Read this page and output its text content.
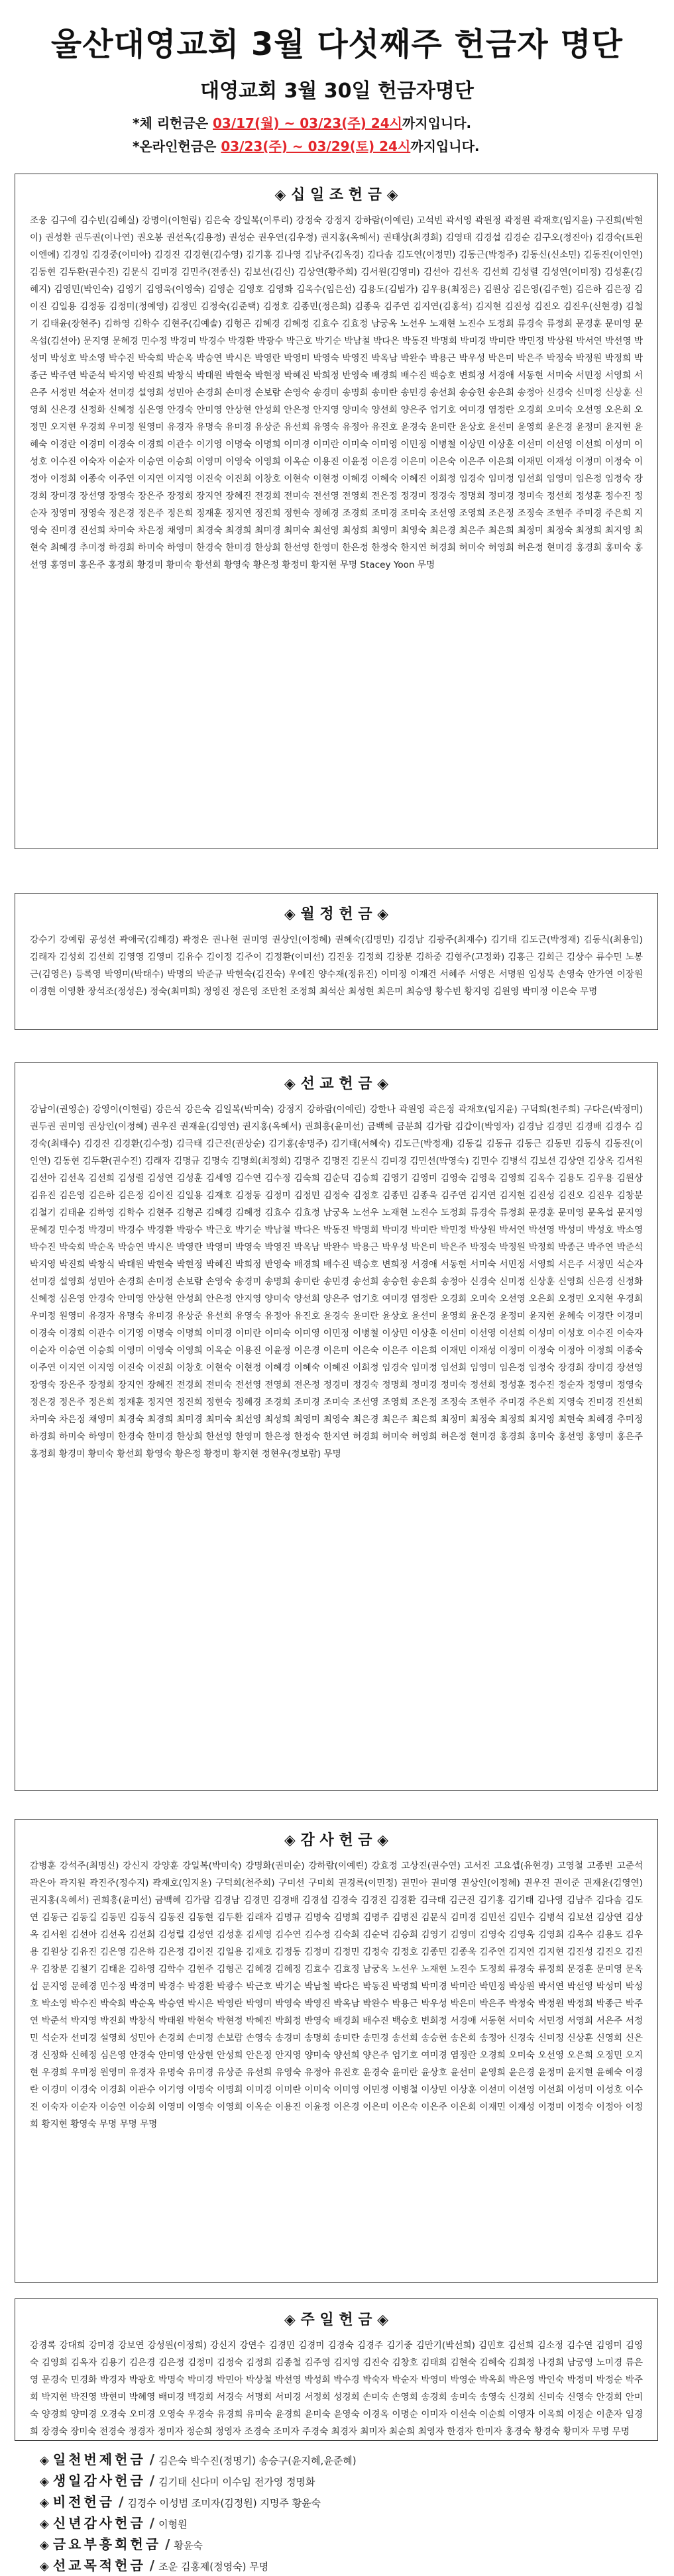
울산대영교회 3월 다섯째주 헌금자 명단
대영교회 3월 30일 헌금자명단
*체 리헌금은 03/17(월) ~ 03/23(주) 24시까지입니다.
*온라인헌금은 03/23(주) ~ 03/29(토) 24시까지입니다.
◈ 십 일 조 헌 금 ◈
조웅 김구예 김수빈(김혜실) 강명이(이현림) 김은숙 강일복(이루리) 강정숙 강정지 강하람(이예린) 고석빈 곽서영 곽원정 곽정원 곽재호(임지윤) 구진희(박현이) 권성환 권두권(이나연) 권오봉 권선옥(김용정) 권성순 권우연(김우정) 권지홍(옥혜서) 권태상(최경희) 김영태 김경섭 김경순 김구오(정진아) 김경숙(트윈이엔에) 김경임 김경중(이미아) 김경진 김경현(김수영) 김기홍 김나영 김남주(김옥경) 김다솜 김도연(이정민) 김동근(박정주) 김동신(신소민) 김동진(이인연) 김동현 김두환(권수진) 김문식 김미경 김민주(전종신) 김보선(김신) 김상연(황주희) 김서원(김영미) 김선아 김선옥 김선희 김성렬 김성연(이미정) 김성훈(김혜지) 김영민(박인숙) 김영기 김영욱(이영숙) 김영순 김영호 김영화 김옥수(임은선) 김용도(김범가) 김우용(최정은) 김원상 김은영(김주현) 김은하 김은정 김이진 김일용 김정동 김정미(정예영) 김정민 김정숙(김준택) 김정호 김종민(정은희) 김종욱 김주연 김지연(김홍석) 김지현 김진성 김진오 김진우(신현경) 김철기 김태윤(장현주) 김하영 김학수 김현주(김예솔) 김형곤 김혜경 김혜정 김효수 김효정 남궁옥 노선우 노재현 노진수 도정희 류경숙 류정희 문경훈 문미영 문옥섭(김선아) 문지영 문혜경 민수정 박경미 박경수 박경환 박광수 박근호 박기순 박남철 박다은 박동진 박명희 박미경 박미란 박민정 박상원 박서연 박선영 박성미 박성호 박소영 박수진 박숙희 박순옥 박승연 박시은 박영란 박영미 박영숙 박영진 박옥남 박완수 박용근 박우성 박은미 박은주 박정숙 박정원 박정희 박종근 박주연 박준석 박지영 박진희 박창식 박태원 박현숙 박현정 박혜진 박희정 반영숙 배경희 배수진 백승호 변희정 서경애 서동현 서미숙 서민정 서영희 서은주 서정민 석순자 선미경 설영희 성민아 손경희 손미정 손보람 손영숙 송경미 송명희 송미란 송민경 송선희 송승헌 송은희 송정아 신경숙 신미정 신상훈 신영희 신은경 신정화 신혜정 심은영 안경숙 안미영 안상현 안성희 안은정 안지영 양미숙 양선희 양은주 엄기호 여미경 염정란 오경희 오미숙 오선영 오은희 오정민 오지현 우경희 우미정 원영미 유경자 유명숙 유미경 유상준 유선희 유영숙 유정아 유진호 윤경숙 윤미란 윤상호 윤선미 윤영희 윤은경 윤정미 윤지현 윤혜숙 이경란 이경미 이경숙 이경희 이관수 이기영 이명숙 이명희 이미경 이미란 이미숙 이미영 이민정 이병철 이상민 이상훈 이선미 이선영 이선희 이성미 이성호 이수진 이숙자 이순자 이승연 이승희 이영미 이영숙 이영희 이옥순 이용진 이윤정 이은경 이은미 이은숙 이은주 이은희 이재민 이재성 이정미 이정숙 이정아 이정희 이종숙 이주연 이지연 이지영 이진숙 이진희 이창호 이현숙 이현정 이혜경 이혜숙 이혜진 이희정 임경숙 임미정 임선희 임영미 임은정 임정숙 장경희 장미경 장선영 장영숙 장은주 장정희 장지연 장혜진 전경희 전미숙 전선영 전영희 전은정 정경미 정경숙 정명희 정미경 정미숙 정선희 정성훈 정수진 정순자 정영미 정영숙 정은경 정은주 정은희 정재훈 정지연 정진희 정현숙 정혜경 조경희 조미경 조미숙 조선영 조영희 조은정 조정숙 조현주 주미경 주은희 지영숙 진미경 진선희 차미숙 차은정 채영미 최경숙 최경희 최미경 최미숙 최선영 최성희 최영미 최영숙 최은경 최은주 최은희 최정미 최정숙 최정희 최지영 최현숙 최혜경 추미정 하경희 하미숙 하영미 한경숙 한미경 한상희 한선영 한영미 한은정 한정숙 한지연 허경희 허미숙 허영희 허은정 현미경 홍경희 홍미숙 홍선영 홍영미 홍은주 홍정희 황경미 황미숙 황선희 황영숙 황은정 황정미 황지현 무명 Stacey Yoon 무명
◈ 월 정 헌 금 ◈
강수기 강예림 공성선 곽애국(김해경) 곽정은 권나현 권미영 권상인(이정혜) 권혜숙(김명민) 김경남 김광주(최재수) 김기태 김도근(박정재) 김동식(최용임) 김래자 김성희 김선희 김영영 김영미 김유수 김이정 김주이 김정환(이미선) 김진웅 김정희 김창분 김하중 김형주(고정화) 김홍근 김희근 김상수 류수민 노봉근(김영은) 등록영 박영미(박태수) 박명의 박준규 박현숙(김진숙) 우예진 양수재(정유진) 이미정 이재건 서혜주 서영은 서명원 임성묵 손영숙 안가연 이장원 이경현 이영환 장석조(정성은) 정숙(최미희) 정영진 정은영 조만천 조정희 최석산 최성현 최은미 최승영 황수빈 황지영 김원영 박미정 이은숙 무명
◈ 선 교 헌 금 ◈
강남이(권영순) 강영이(이현림) 강은석 강은숙 김일복(박미숙) 강정지 강하람(이예린) 강한나 곽원영 곽은정 곽재호(임지윤) 구덕희(천주희) 구다은(박정미) 권두권 권미영 권상인(이정혜) 권우진 권재윤(김영연) 권지홍(옥혜서) 권희흥(윤미선) 금백혜 금분희 김가람 김갑이(박영자) 김경남 김경민 김경배 김경수 김경숙(최태수) 김경진 김경환(김수정) 김극태 김근진(권상순) 김기홍(송명주) 김기태(서혜숙) 김도근(박정재) 김동길 김동규 김동근 김동민 김동식 김동진(이인연) 김동현 김두환(권수진) 김래자 김명규 김명숙 김명희(최정희) 김명주 김명진 김문식 김미경 김민선(박영숙) 김민수 김병석 김보선 김상연 김상옥 김서원 김선아 김선옥 김선희 김성렬 김성연 김성훈 김세영 김수연 김수정 김숙희 김순덕 김승희 김영기 김영미 김영숙 김영욱 김영희 김옥수 김용도 김우용 김원상 김유진 김은영 김은하 김은정 김이진 김일용 김재호 김정동 김정미 김정민 김정숙 김정호 김종민 김종욱 김주연 김지연 김지현 김진성 김진오 김진우 김창분 김철기 김태윤 김하영 김학수 김현주 김형곤 김혜경 김혜정 김효수 김효정 남궁옥 노선우 노재현 노진수 도정희 류경숙 류정희 문경훈 문미영 문옥섭 문지영 문혜경 민수정 박경미 박경수 박경환 박광수 박근호 박기순 박남철 박다은 박동진 박명희 박미경 박미란 박민정 박상원 박서연 박선영 박성미 박성호 박소영 박수진 박숙희 박순옥 박승연 박시은 박영란 박영미 박영숙 박영진 박옥남 박완수 박용근 박우성 박은미 박은주 박정숙 박정원 박정희 박종근 박주연 박준석 박지영 박진희 박창식 박태원 박현숙 박현정 박혜진 박희정 반영숙 배경희 배수진 백승호 변희정 서경애 서동현 서미숙 서민정 서영희 서은주 서정민 석순자 선미경 설영희 성민아 손경희 손미정 손보람 손영숙 송경미 송명희 송미란 송민경 송선희 송승헌 송은희 송정아 신경숙 신미정 신상훈 신영희 신은경 신정화 신혜정 심은영 안경숙 안미영 안상현 안성희 안은정 안지영 양미숙 양선희 양은주 엄기호 여미경 염정란 오경희 오미숙 오선영 오은희 오정민 오지현 우경희 우미정 원영미 유경자 유명숙 유미경 유상준 유선희 유영숙 유정아 유진호 윤경숙 윤미란 윤상호 윤선미 윤영희 윤은경 윤정미 윤지현 윤혜숙 이경란 이경미 이경숙 이경희 이관수 이기영 이명숙 이명희 이미경 이미란 이미숙 이미영 이민정 이병철 이상민 이상훈 이선미 이선영 이선희 이성미 이성호 이수진 이숙자 이순자 이승연 이승희 이영미 이영숙 이영희 이옥순 이용진 이윤정 이은경 이은미 이은숙 이은주 이은희 이재민 이재성 이정미 이정숙 이정아 이정희 이종숙 이주연 이지연 이지영 이진숙 이진희 이창호 이현숙 이현정 이혜경 이혜숙 이혜진 이희정 임경숙 임미정 임선희 임영미 임은정 임정숙 장경희 장미경 장선영 장영숙 장은주 장정희 장지연 장혜진 전경희 전미숙 전선영 전영희 전은정 정경미 정경숙 정명희 정미경 정미숙 정선희 정성훈 정수진 정순자 정영미 정영숙 정은경 정은주 정은희 정재훈 정지연 정진희 정현숙 정혜경 조경희 조미경 조미숙 조선영 조영희 조은정 조정숙 조현주 주미경 주은희 지영숙 진미경 진선희 차미숙 차은정 채영미 최경숙 최경희 최미경 최미숙 최선영 최성희 최영미 최영숙 최은경 최은주 최은희 최정미 최정숙 최정희 최지영 최현숙 최혜경 추미정 하경희 하미숙 하영미 한경숙 한미경 한상희 한선영 한영미 한은정 한정숙 한지연 허경희 허미숙 허영희 허은정 현미경 홍경희 홍미숙 홍선영 홍영미 홍은주 홍정희 황경미 황미숙 황선희 황영숙 황은정 황정미 황지현 정현우(정보람) 무명
◈ 감 사 헌 금 ◈
감병훈 강석주(최명신) 강신지 강양훈 강일복(박미숙) 강명화(권미순) 강하람(이예린) 강효정 고상진(권수연) 고서진 고요셉(유현경) 고영철 고종빈 고준석 곽은아 곽지원 곽진주(정수지) 곽재호(임지윤) 구덕희(천주희) 구미선 구미희 권경록(이민정) 권민아 권미영 권상인(이정혜) 권우진 권이준 권재윤(김영연) 권지홍(옥혜서) 권희흥(윤미선) 금백혜 김가람 김경남 김경민 김경배 김경섭 김경숙 김경진 김경환 김극태 김근진 김기홍 김기태 김나영 김남주 김다솜 김도연 김동근 김동길 김동민 김동식 김동진 김동현 김두환 김래자 김명규 김명숙 김명희 김명주 김명진 김문식 김미경 김민선 김민수 김병석 김보선 김상연 김상옥 김서원 김선아 김선옥 김선희 김성렬 김성연 김성훈 김세영 김수연 김수정 김숙희 김순덕 김승희 김영기 김영미 김영숙 김영욱 김영희 김옥수 김용도 김우용 김원상 김유진 김은영 김은하 김은정 김이진 김일용 김재호 김정동 김정미 김정민 김정숙 김정호 김종민 김종욱 김주연 김지연 김지현 김진성 김진오 김진우 김창분 김철기 김태윤 김하영 김학수 김현주 김형곤 김혜경 김혜정 김효수 김효정 남궁옥 노선우 노재현 노진수 도정희 류경숙 류정희 문경훈 문미영 문옥섭 문지영 문혜경 민수정 박경미 박경수 박경환 박광수 박근호 박기순 박남철 박다은 박동진 박명희 박미경 박미란 박민정 박상원 박서연 박선영 박성미 박성호 박소영 박수진 박숙희 박순옥 박승연 박시은 박영란 박영미 박영숙 박영진 박옥남 박완수 박용근 박우성 박은미 박은주 박정숙 박정원 박정희 박종근 박주연 박준석 박지영 박진희 박창식 박태원 박현숙 박현정 박혜진 박희정 반영숙 배경희 배수진 백승호 변희정 서경애 서동현 서미숙 서민정 서영희 서은주 서정민 석순자 선미경 설영희 성민아 손경희 손미정 손보람 손영숙 송경미 송명희 송미란 송민경 송선희 송승헌 송은희 송정아 신경숙 신미정 신상훈 신영희 신은경 신정화 신혜정 심은영 안경숙 안미영 안상현 안성희 안은정 안지영 양미숙 양선희 양은주 엄기호 여미경 염정란 오경희 오미숙 오선영 오은희 오정민 오지현 우경희 우미정 원영미 유경자 유명숙 유미경 유상준 유선희 유영숙 유정아 유진호 윤경숙 윤미란 윤상호 윤선미 윤영희 윤은경 윤정미 윤지현 윤혜숙 이경란 이경미 이경숙 이경희 이관수 이기영 이명숙 이명희 이미경 이미란 이미숙 이미영 이민정 이병철 이상민 이상훈 이선미 이선영 이선희 이성미 이성호 이수진 이숙자 이순자 이승연 이승희 이영미 이영숙 이영희 이옥순 이용진 이윤정 이은경 이은미 이은숙 이은주 이은희 이재민 이재성 이정미 이정숙 이정아 이정희 황지현 황영숙 무명 무명 무명
◈ 주 일 헌 금 ◈
강경록 강대희 강미경 강보연 강성원(이정희) 강신지 강연수 김경민 김경미 김경숙 김경주 김기중 김만기(박선희) 김민호 김선희 김소정 김수연 김영미 김영숙 김영희 김옥자 김용기 김은경 김은정 김정미 김정숙 김정희 김종철 김주영 김지영 김진숙 김창호 김태희 김현숙 김혜숙 김희정 나경희 남궁영 노미경 류은영 문경숙 민경화 박경자 박광호 박명숙 박미경 박민아 박상철 박선영 박성희 박수경 박숙자 박순자 박영미 박영순 박옥희 박은영 박인숙 박정미 박정순 박주희 박지현 박진영 박현미 박혜영 배미경 백경희 서경숙 서명희 서미경 서정희 성경희 손미숙 손영희 송경희 송미숙 송영숙 신경희 신미숙 신영숙 안경희 안미숙 양경희 양미경 오경숙 오미경 오영숙 우경숙 유경희 유미숙 윤경희 윤미숙 윤영숙 이경옥 이명순 이미자 이선숙 이순희 이영자 이옥희 이정순 이춘자 임경희 장경숙 장미숙 전경숙 정경자 정미자 정순희 정영자 조경숙 조미자 주경숙 최경자 최미자 최순희 최영자 한경자 한미자 홍경숙 황경숙 황미자 무명 무명
◈ 일천번제헌금 / 김은숙 박수진(정명기) 송승구(윤지혜,윤준혜)
◈ 생일감사헌금 / 김기태 신다미 이수임 전가영 정명화
◈ 비전헌금 / 김경수 이성범 조미자(김정원) 지명주 황윤숙
◈ 신년감사헌금 / 이형원
◈ 금요부흥회헌금 / 황윤숙
◈ 선교목적헌금 / 조운 김홍제(정영숙) 무명
